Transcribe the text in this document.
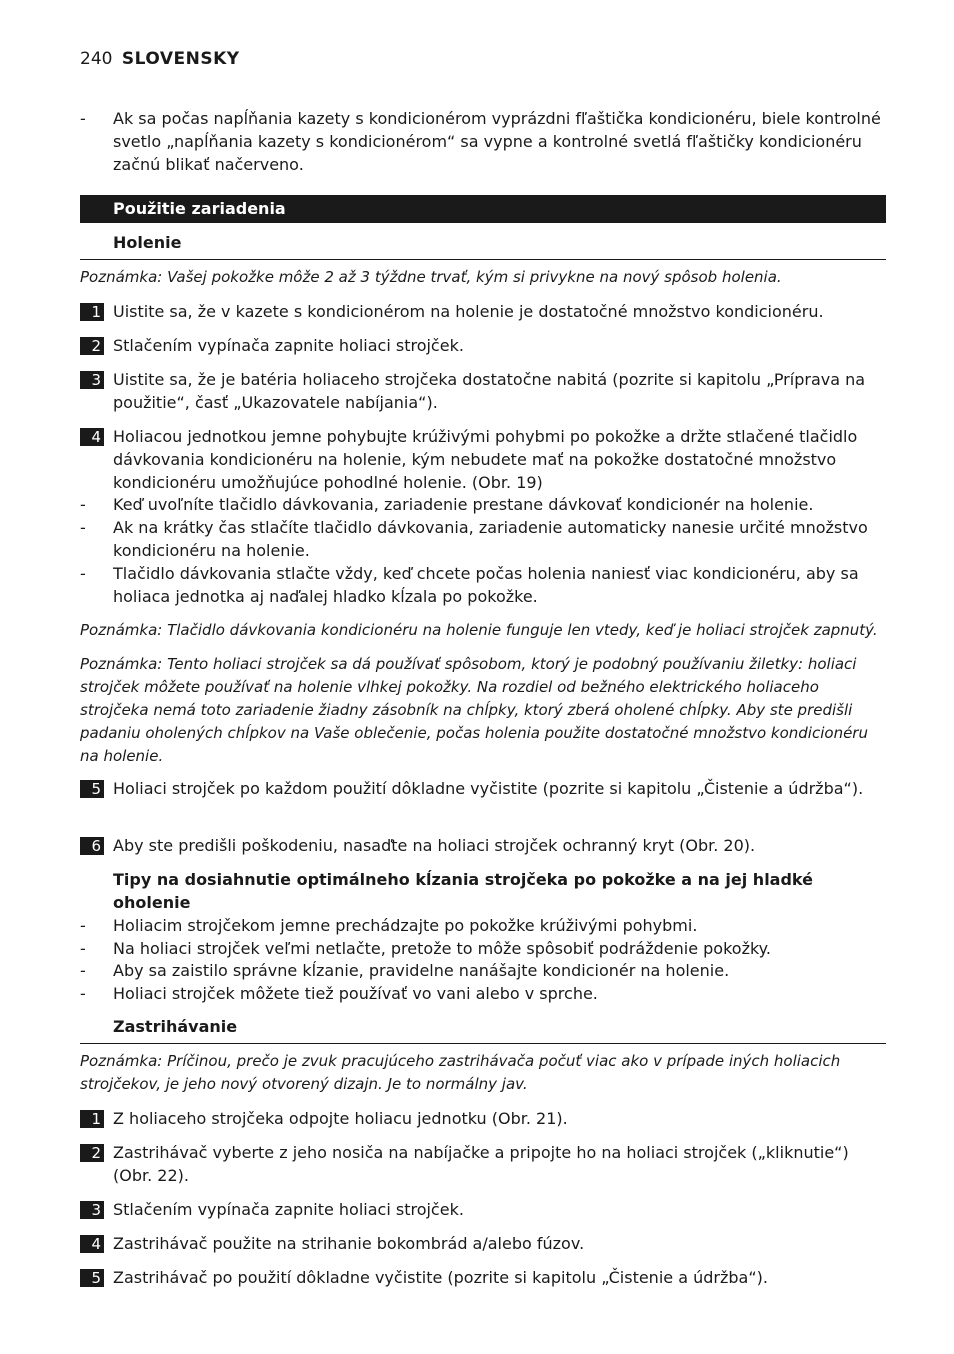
240 SLOVENSKY
- Ak sa počas napĺňania kazety s kondicionérom vyprázdni fľaštička kondicionéru, biele kontrolné svetlo „napĺňania kazety s kondicionérom“ sa vypne a kontrolné svetlá fľaštičky kondicionéru začnú blikať načerveno.
Použitie zariadenia
Holenie
Poznámka: Vašej pokožke môže 2 až 3 týždne trvať, kým si privykne na nový spôsob holenia.
1 Uistite sa, že v kazete s kondicionérom na holenie je dostatočné množstvo kondicionéru.
2 Stlačením vypínača zapnite holiaci strojček.
3 Uistite sa, že je batéria holiaceho strojčeka dostatočne nabitá (pozrite si kapitolu „Príprava na použitie“, časť „Ukazovatele nabíjania“).
4 Holiacou jednotkou jemne pohybujte krúživými pohybmi po pokožke a držte stlačené tlačidlo dávkovania kondicionéru na holenie, kým nebudete mať na pokožke dostatočné množstvo kondicionéru umožňujúce pohodlné holenie. (Obr. 19)
- Keď uvoľníte tlačidlo dávkovania, zariadenie prestane dávkovať kondicionér na holenie.
- Ak na krátky čas stlačíte tlačidlo dávkovania, zariadenie automaticky nanesie určité množstvo kondicionéru na holenie.
- Tlačidlo dávkovania stlačte vždy, keď chcete počas holenia naniesť viac kondicionéru, aby sa holiaca jednotka aj naďalej hladko kĺzala po pokožke.
Poznámka: Tlačidlo dávkovania kondicionéru na holenie funguje len vtedy, keď je holiaci strojček zapnutý.
Poznámka: Tento holiaci strojček sa dá používať spôsobom, ktorý je podobný používaniu žiletky: holiaci strojček môžete používať na holenie vlhkej pokožky. Na rozdiel od bežného elektrického holiaceho strojčeka nemá toto zariadenie žiadny zásobník na chĺpky, ktorý zberá oholené chĺpky. Aby ste predišli padaniu oholených chĺpkov na Vaše oblečenie, počas holenia použite dostatočné množstvo kondicionéru na holenie.
5 Holiaci strojček po každom použití dôkladne vyčistite (pozrite si kapitolu „Čistenie a údržba“).
6 Aby ste predišli poškodeniu, nasaďte na holiaci strojček ochranný kryt (Obr. 20).
Tipy na dosiahnutie optimálneho kĺzania strojčeka po pokožke a na jej hladké oholenie
- Holiacim strojčekom jemne prechádzajte po pokožke krúživými pohybmi.
- Na holiaci strojček veľmi netlačte, pretože to môže spôsobiť podráždenie pokožky.
- Aby sa zaistilo správne kĺzanie, pravidelne nanášajte kondicionér na holenie.
- Holiaci strojček môžete tiež používať vo vani alebo v sprche.
Zastrihávanie
Poznámka: Príčinou, prečo je zvuk pracujúceho zastrihávača počuť viac ako v prípade iných holiacich strojčekov, je jeho nový otvorený dizajn. Je to normálny jav.
1 Z holiaceho strojčeka odpojte holiacu jednotku (Obr. 21).
2 Zastrihávač vyberte z jeho nosiča na nabíjačke a pripojte ho na holiaci strojček („kliknutie“) (Obr. 22).
3 Stlačením vypínača zapnite holiaci strojček.
4 Zastrihávač použite na strihanie bokombrád a/alebo fúzov.
5 Zastrihávač po použití dôkladne vyčistite (pozrite si kapitolu „Čistenie a údržba“).
